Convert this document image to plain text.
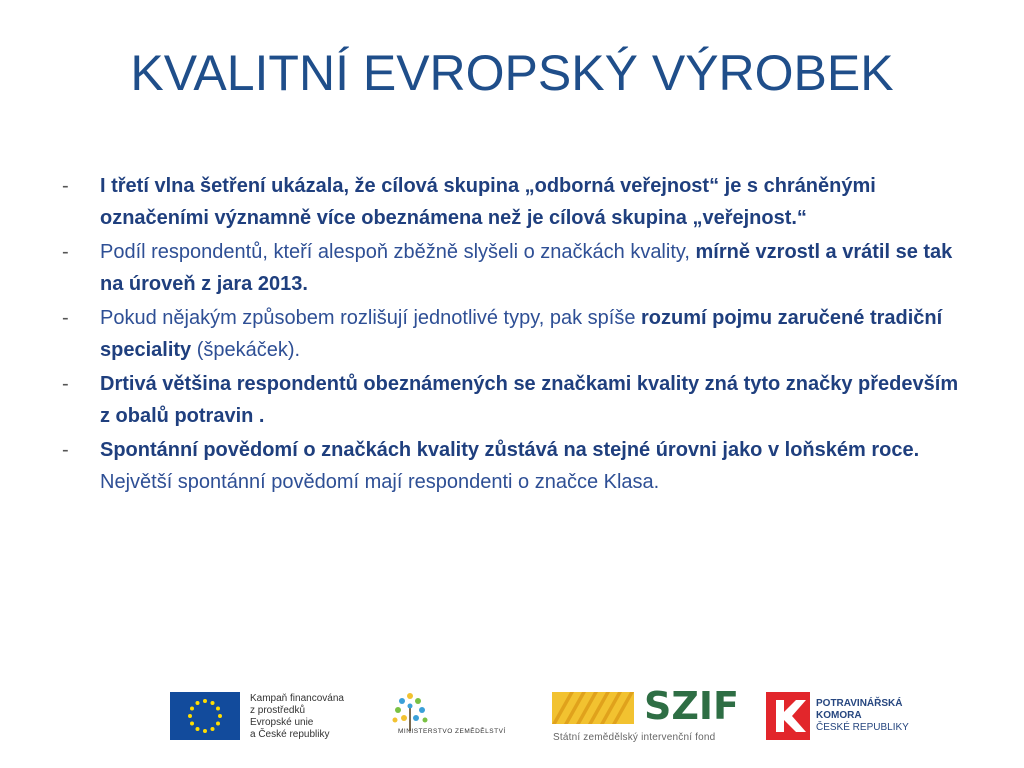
KVALITNÍ EVROPSKÝ VÝROBEK
- I třetí vlna šetření ukázala, že cílová skupina „odborná veřejnost“ je s chráněnými označeními významně více obeznámena než je cílová skupina „veřejnost.“
- Podíl respondentů, kteří alespoň zběžně slyšeli o značkách kvality, mírně vzrostl a vrátil se tak na úroveň z jara 2013.
- Pokud nějakým způsobem rozlišují jednotlivé typy, pak spíše rozumí pojmu zaručené tradiční speciality (špekáček).
- Drtivá většina respondentů obeznámených se značkami kvality zná tyto značky především z obalů potravin .
- Spontánní povědomí o značkách kvality zůstává na stejné úrovni jako v loňském roce. Největší spontánní povědomí mají respondenti o značce Klasa.
Kampaň financována
z prostředků
Evropské unie
a České republiky	MINISTERSTVO ZEMĚDĚLSTVÍ
SZIF
Státní zemědělský intervenční fond
POTRAVINÁŘSKÁ
KOMORA
ČESKÉ REPUBLIKY
